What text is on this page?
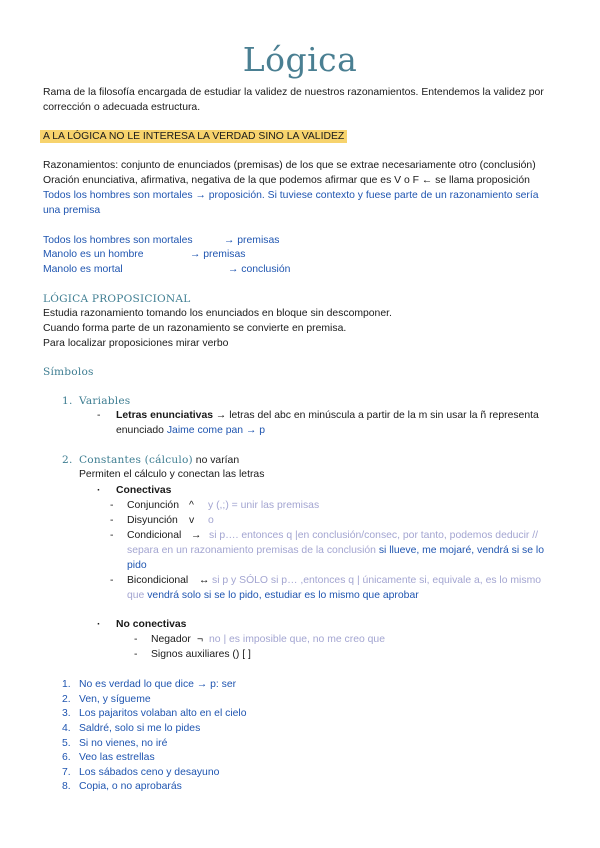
Lógica
Rama de la filosofía encargada de estudiar la validez de nuestros razonamientos. Entendemos la validez por
corrección o adecuada estructura.
A LA LÓGICA NO LE INTERESA LA VERDAD SINO LA VALIDEZ
Razonamientos: conjunto de enunciados (premisas) de los que se extrae necesariamente otro (conclusión)
Oración enunciativa, afirmativa, negativa de la que podemos afirmar que es V o F ← se llama proposición
Todos los hombres son mortales → proposición. Si tuviese contexto y fuese parte de un razonamiento sería
una premisa
Todos los hombres son mortales	→ premisas
Manolo es un hombre	→ premisas
Manolo es mortal	→ conclusión
LÓGICA PROPOSICIONAL
Estudia razonamiento tomando los enunciados en bloque sin descomponer.
Cuando forma parte de un razonamiento se convierte en premisa.
Para localizar proposiciones mirar verbo
Símbolos
1. Variables
- Letras enunciativas → letras del abc en minúscula a partir de la m sin usar la ñ representa
enunciado Jaime come pan → p
2. Constantes (cálculo) no varían
Permiten el cálculo y conectan las letras
· Conectivas
- Conjunción ^ y (,;) = unir las premisas
- Disyunción v o
- Condicional → si p…. entonces q |en conclusión/consec, por tanto, podemos deducir //
separa en un razonamiento premisas de la conclusión si llueve, me mojaré, vendrá si se lo
pido
- Bicondicional ↔ si p y SÓLO si p… ,entonces q | únicamente si, equivale a, es lo mismo
que vendrá solo si se lo pido, estudiar es lo mismo que aprobar
· No conectivas
- Negador ¬ no | es imposible que, no me creo que
- Signos auxiliares () [ ]
1. No es verdad lo que dice → p: ser
2. Ven, y sígueme
3. Los pajaritos volaban alto en el cielo
4. Saldré, solo si me lo pides
5. Si no vienes, no iré
6. Veo las estrellas
7. Los sábados ceno y desayuno
8. Copia, o no aprobarás
